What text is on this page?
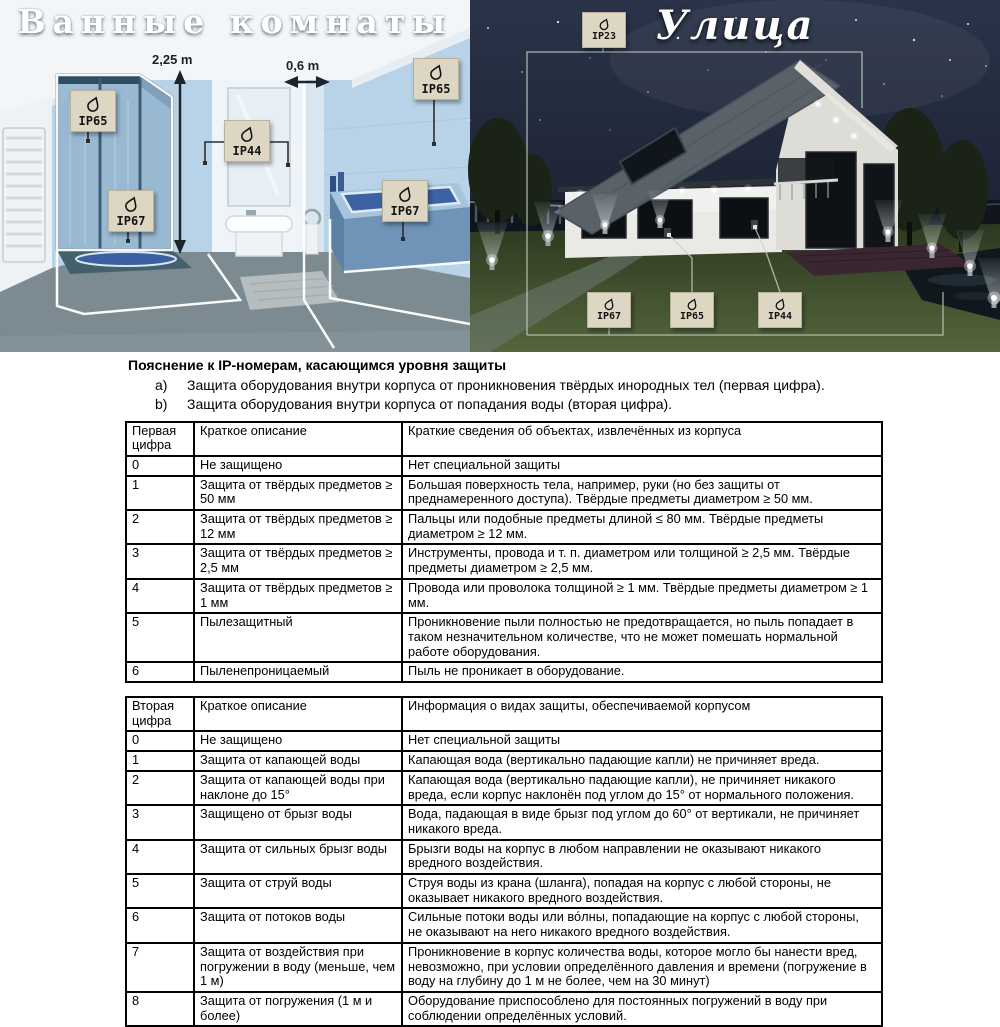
Ванные комнаты
2,25 m	0,6 m
IP65
IP44
IP65
IP67
IP67
Улица
IP23
IP67	IP65	IP44
Пояснение к IP-номерам, касающимся уровня защиты
a)	Защита оборудования внутри корпуса от проникновения твёрдых инородных тел (первая цифра).
b)	Защита оборудования внутри корпуса от попадания воды (вторая цифра).
Первая цифра	Краткое описание	Краткие сведения об объектах, извлечённых из корпуса
0	Не защищено	Нет специальной защиты
1	Защита от твёрдых предметов ≥ 50 мм	Большая поверхность тела, например, руки (но без защиты от преднамеренного доступа). Твёрдые предметы диаметром ≥ 50 мм.
2	Защита от твёрдых предметов ≥ 12 мм	Пальцы или подобные предметы длиной ≤ 80 мм. Твёрдые предметы диаметром ≥ 12 мм.
3	Защита от твёрдых предметов ≥ 2,5 мм	Инструменты, провода и т. п. диаметром или толщиной ≥ 2,5 мм. Твёрдые предметы диаметром ≥ 2,5 мм.
4	Защита от твёрдых предметов ≥ 1 мм	Провода или проволока толщиной ≥ 1 мм. Твёрдые предметы диаметром ≥ 1 мм.
5	Пылезащитный	Проникновение пыли полностью не предотвращается, но пыль попадает в таком незначительном количестве, что не может помешать нормальной работе оборудования.
6	Пыленепроницаемый	Пыль не проникает в оборудование.
Вторая цифра	Краткое описание	Информация о видах защиты, обеспечиваемой корпусом
0	Не защищено	Нет специальной защиты
1	Защита от капающей воды	Капающая вода (вертикально падающие капли) не причиняет вреда.
2	Защита от капающей воды при наклоне до 15°	Капающая вода (вертикально падающие капли), не причиняет никакого вреда, если корпус наклонён под углом до 15° от нормального положения.
3	Защищено от брызг воды	Вода, падающая в виде брызг под углом до 60° от вертикали, не причиняет никакого вреда.
4	Защита от сильных брызг воды	Брызги воды на корпус в любом направлении не оказывают никакого вредного воздействия.
5	Защита от струй воды	Струя воды из крана (шланга), попадая на корпус с любой стороны, не оказывает никакого вредного воздействия.
6	Защита от потоков воды	Сильные потоки воды или во́лны, попадающие на корпус с любой стороны, не оказывают на него никакого вредного воздействия.
7	Защита от воздействия при погружении в воду (меньше, чем 1 м)	Проникновение в корпус количества воды, которое могло бы нанести вред, невозможно, при условии определённого давления и времени (погружение в воду на глубину до 1 м не более, чем на 30 минут)
8	Защита от погружения (1 м и более)	Оборудование приспособлено для постоянных погружений в воду при соблюдении определённых условий.
